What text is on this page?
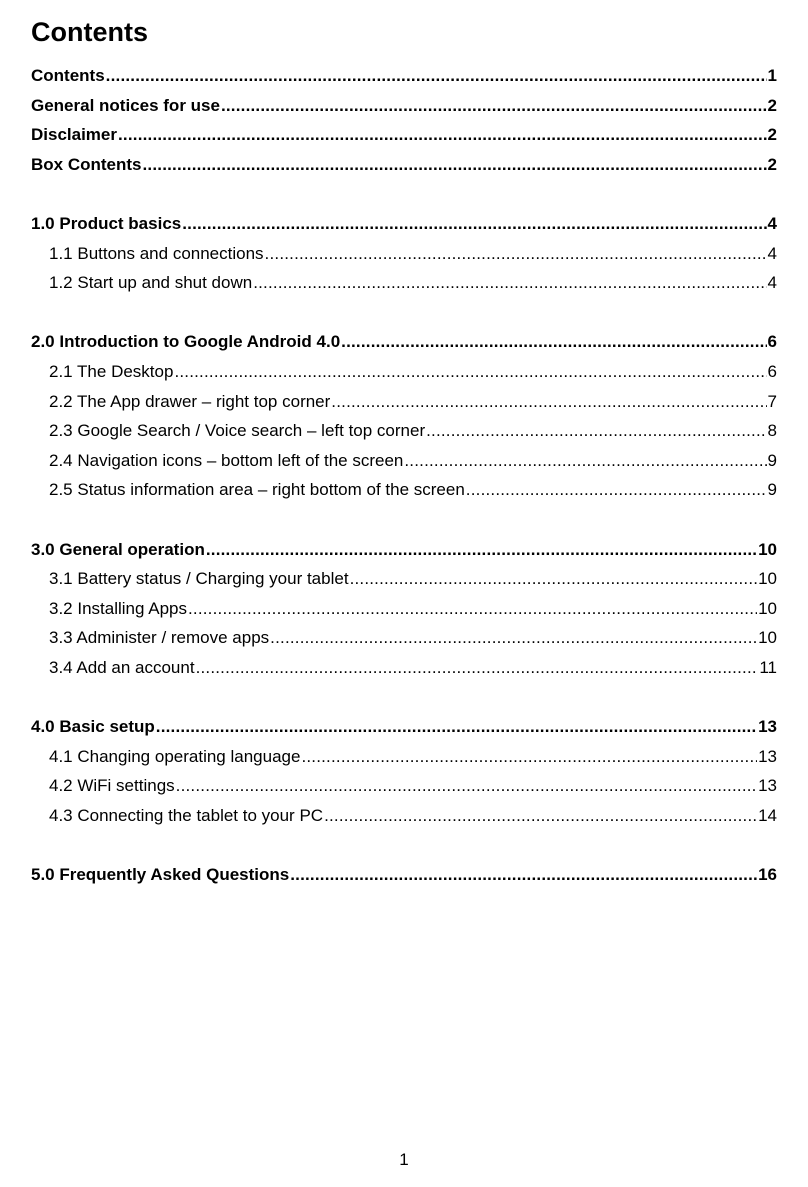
Contents
Contents .....	1
General notices for use .....	2
Disclaimer .....	2
Box Contents .....	2
1.0 Product basics .....	4
1.1 Buttons and connections .....	4
1.2 Start up and shut down .....	4
2.0 Introduction to Google Android 4.0 .....	6
2.1 The Desktop .....	6
2.2 The App drawer – right top corner .....	7
2.3 Google Search / Voice search – left top corner .....	8
2.4 Navigation icons – bottom left of the screen .....	9
2.5 Status information area – right bottom of the screen .....	9
3.0 General operation .....	10
3.1 Battery status / Charging your tablet .....	10
3.2 Installing Apps .....	10
3.3 Administer / remove apps .....	10
3.4 Add an account .....	11
4.0 Basic setup .....	13
4.1 Changing operating language .....	13
4.2 WiFi settings .....	13
4.3 Connecting the tablet to your PC .....	14
5.0 Frequently Asked Questions .....	16
1
